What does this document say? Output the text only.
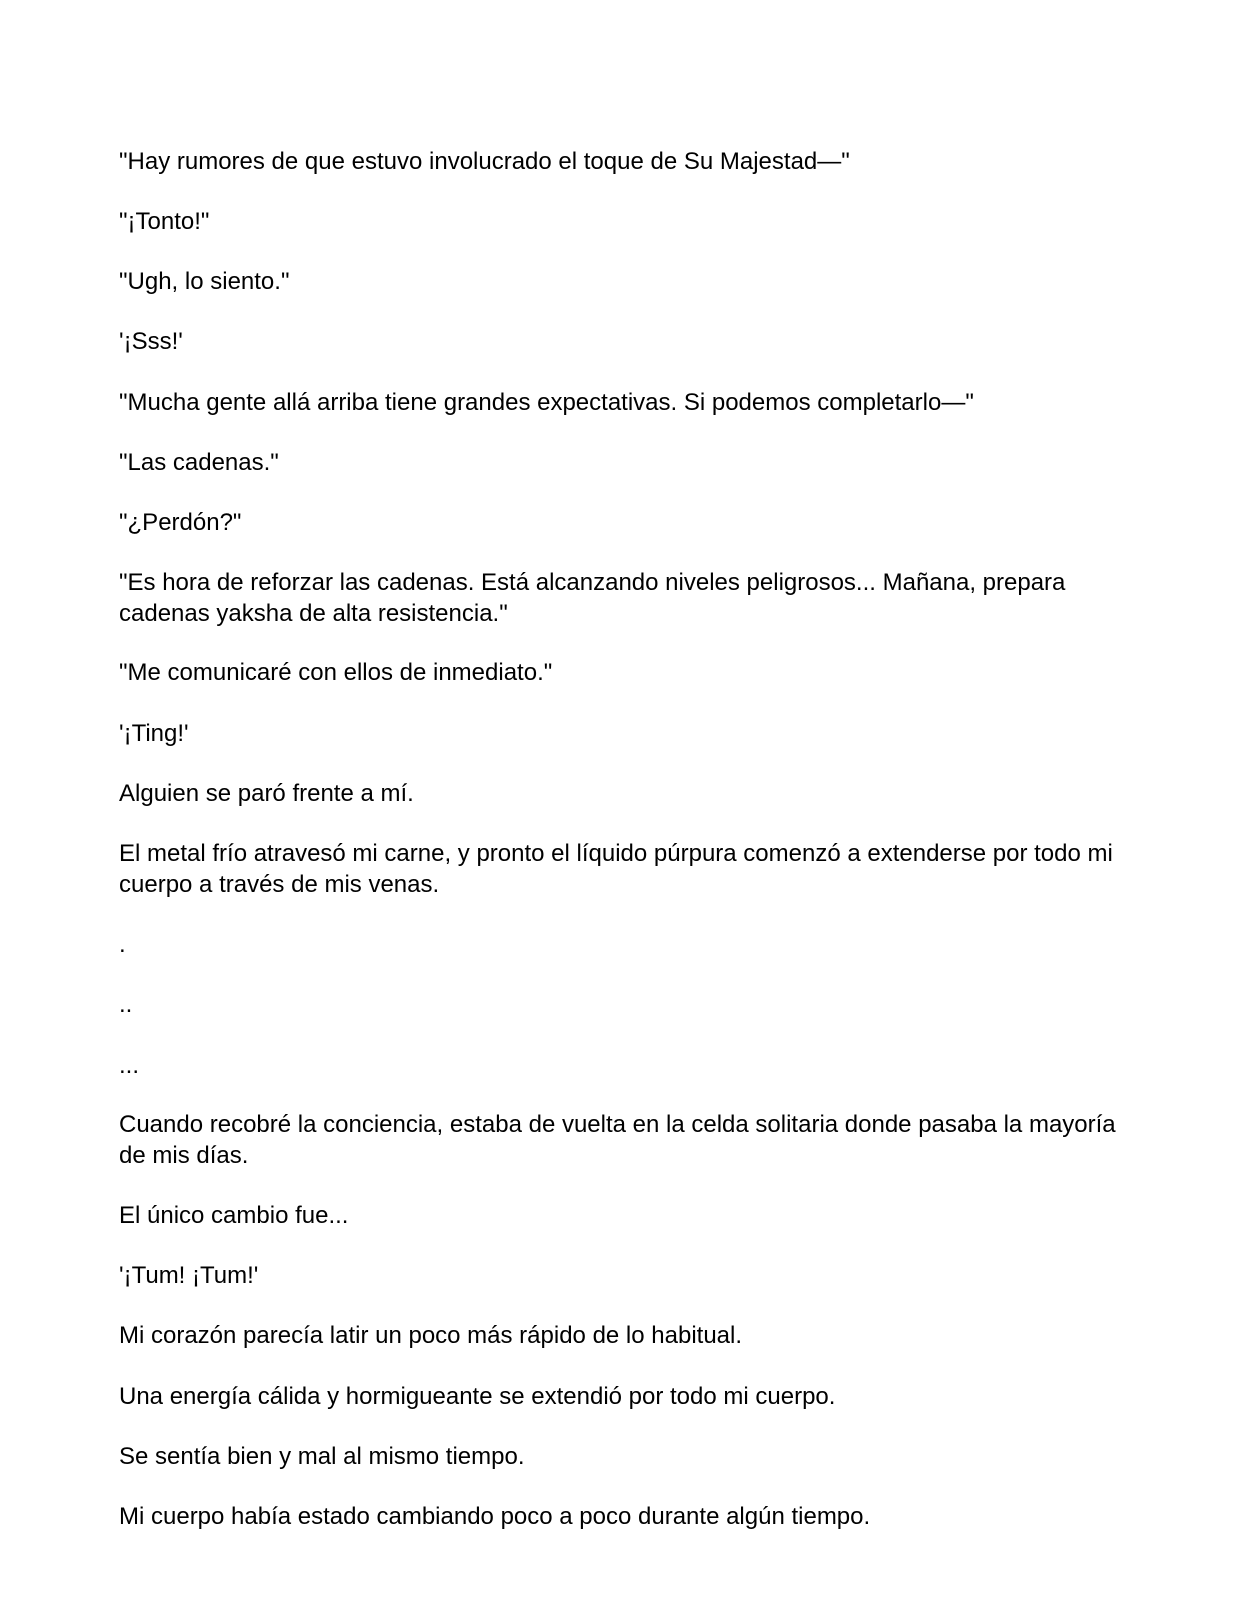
"Hay rumores de que estuvo involucrado el toque de Su Majestad—"

"¡Tonto!"

"Ugh, lo siento."

'¡Sss!'

"Mucha gente allá arriba tiene grandes expectativas. Si podemos completarlo—"

"Las cadenas."

"¿Perdón?"

"Es hora de reforzar las cadenas. Está alcanzando niveles peligrosos... Mañana, prepara cadenas yaksha de alta resistencia."

"Me comunicaré con ellos de inmediato."

'¡Ting!'

Alguien se paró frente a mí.

El metal frío atravesó mi carne, y pronto el líquido púrpura comenzó a extenderse por todo mi cuerpo a través de mis venas.

.

..

...

Cuando recobré la conciencia, estaba de vuelta en la celda solitaria donde pasaba la mayoría de mis días.

El único cambio fue...

'¡Tum! ¡Tum!'

Mi corazón parecía latir un poco más rápido de lo habitual.

Una energía cálida y hormigueante se extendió por todo mi cuerpo.

Se sentía bien y mal al mismo tiempo.

Mi cuerpo había estado cambiando poco a poco durante algún tiempo.
